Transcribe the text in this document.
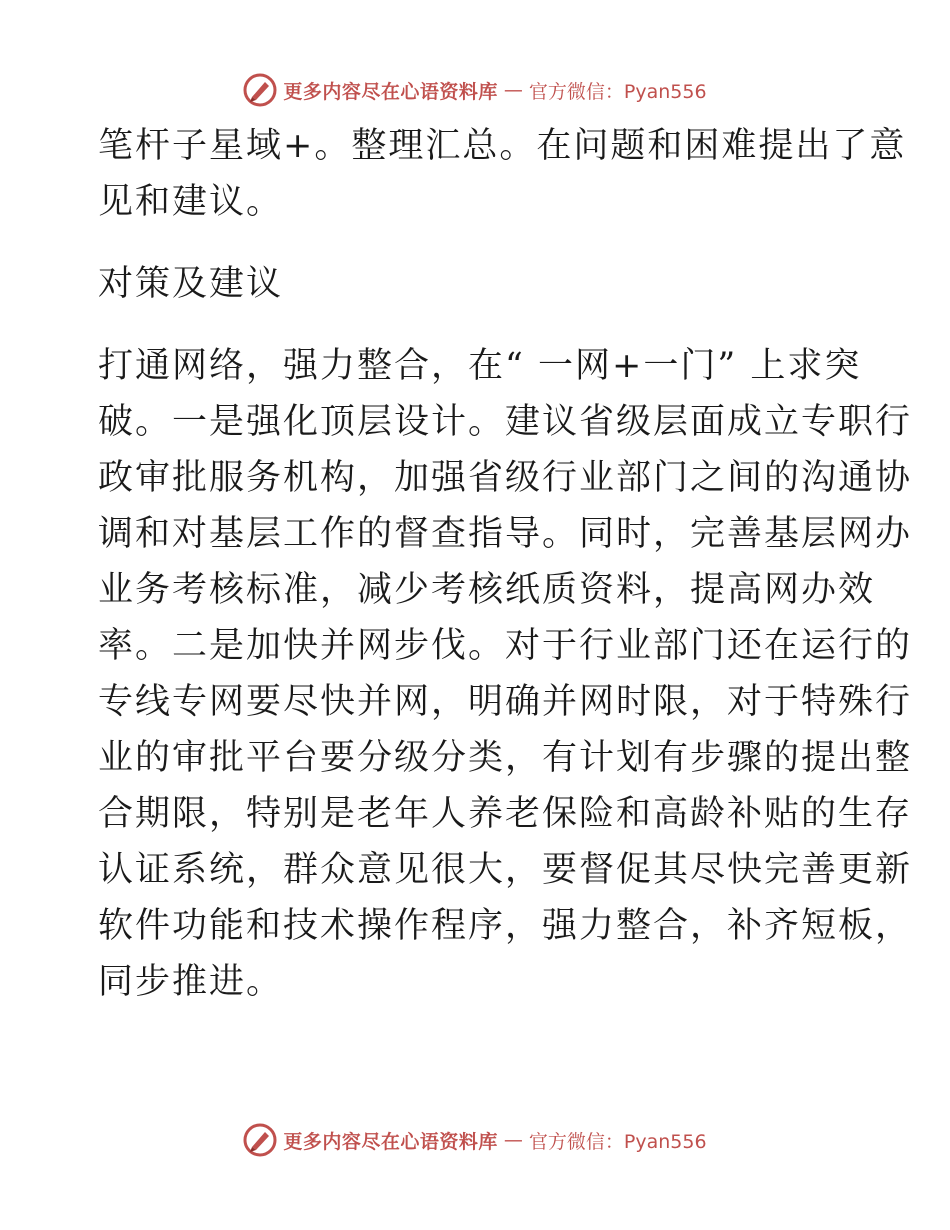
更多内容尽在心语资料库 — 官方微信：Pyan556

笔杆子星域+。整理汇总。在问题和困难提出了意
见和建议。

对策及建议

打通网络，强力整合，在“ 一网+一门” 上求突
破。一是强化顶层设计。建议省级层面成立专职行
政审批服务机构，加强省级行业部门之间的沟通协
调和对基层工作的督查指导。同时，完善基层网办
业务考核标准，减少考核纸质资料，提高网办效
率。二是加快并网步伐。对于行业部门还在运行的
专线专网要尽快并网，明确并网时限，对于特殊行
业的审批平台要分级分类，有计划有步骤的提出整
合期限，特别是老年人养老保险和高龄补贴的生存
认证系统，群众意见很大，要督促其尽快完善更新
软件功能和技术操作程序，强力整合，补齐短板，
同步推进。

更多内容尽在心语资料库 — 官方微信：Pyan556
